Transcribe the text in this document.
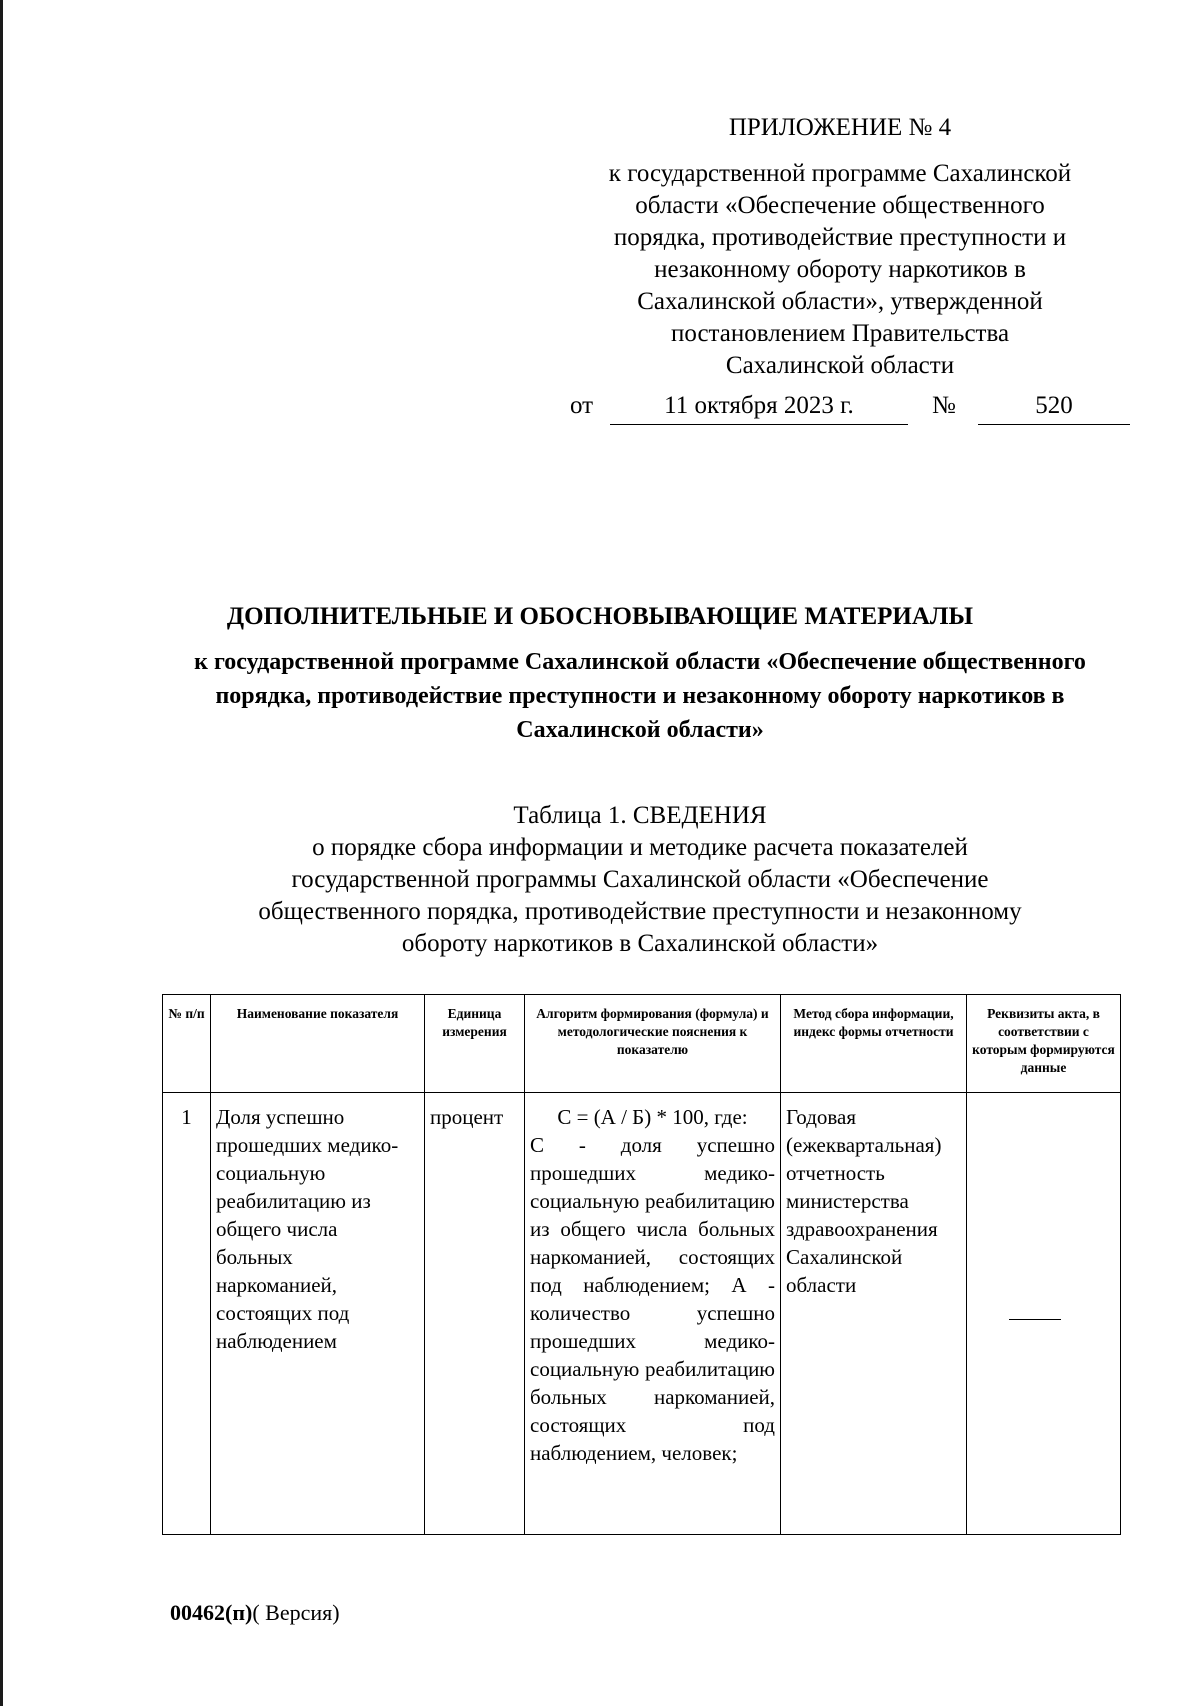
ПРИЛОЖЕНИЕ № 4
к государственной программе Сахалинской
области «Обеспечение общественного
порядка, противодействие преступности и
незаконному обороту наркотиков в
Сахалинской области», утвержденной
постановлением Правительства
Сахалинской области
от	11 октября 2023 г.	№	520
ДОПОЛНИТЕЛЬНЫЕ И ОБОСНОВЫВАЮЩИЕ МАТЕРИАЛЫ
к государственной программе Сахалинской области «Обеспечение общественного порядка, противодействие преступности и незаконному обороту наркотиков в Сахалинской области»
Таблица 1. СВЕДЕНИЯ
о порядке сбора информации и методике расчета показателей
государственной программы Сахалинской области «Обеспечение
общественного порядка, противодействие преступности и незаконному
обороту наркотиков в Сахалинской области»
№ п/п	Наименование показателя	Единица измерения	Алгоритм формирования (формула) и методологические пояснения к показателю	Метод сбора информации, индекс формы отчетности	Реквизиты акта, в соответствии с которым формируются данные
1	Доля успешно прошедших медико-социальную реабилитацию из общего числа больных наркоманией, состоящих под наблюдением	процент	С = (А / Б) * 100, где:
С - доля успешно прошедших медико-социальную реабилитацию из общего числа больных наркоманией, состоящих под наблюдением; А - количество успешно прошедших медико-социальную реабилитацию больных наркоманией, состоящих под наблюдением, человек;	Годовая (ежеквартальная) отчетность министерства здравоохранения Сахалинской области	
00462(п)( Версия)
